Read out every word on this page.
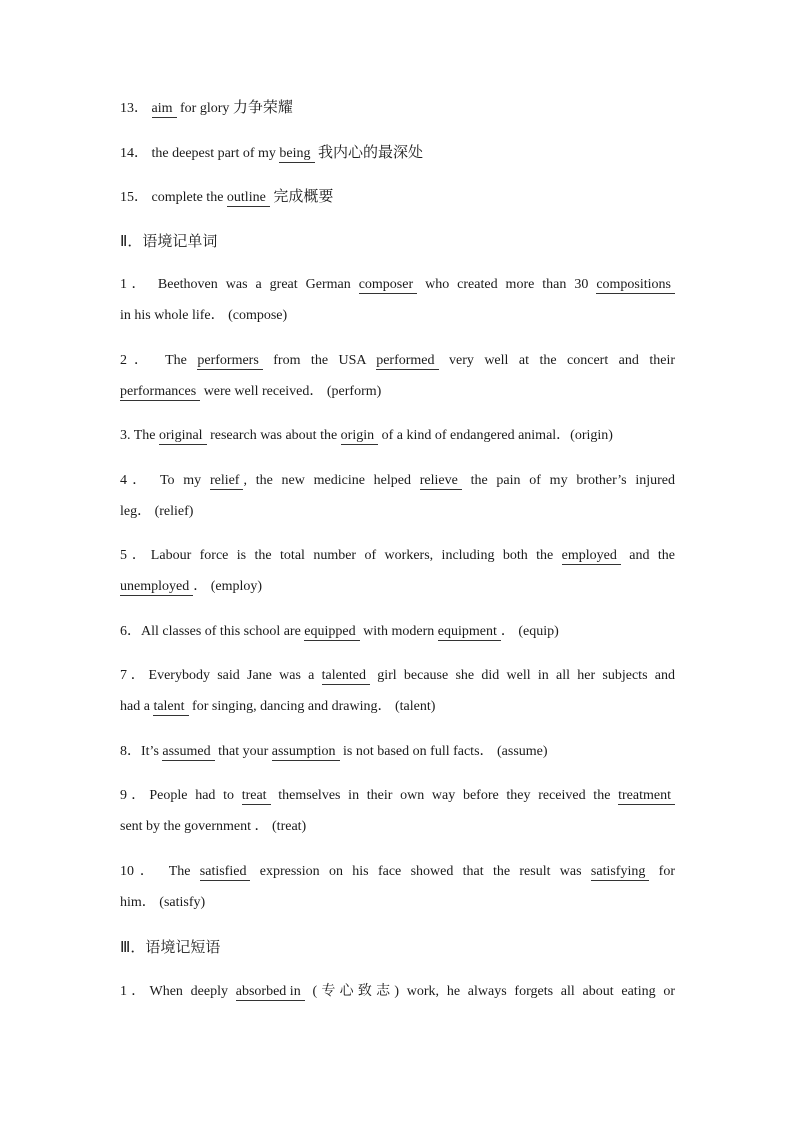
13． aim for glory 力争荣耀
14． the deepest part of my being 我内心的最深处
15． complete the outline 完成概要
Ⅱ．语境记单词
1． Beethoven was a great German composer who created more than 30 compositions
in his whole life． (compose)
2． The performers from the USA performed very well at the concert and their
performances were well received． (perform)
3. The original research was about the origin of a kind of endangered animal．(origin)
4． To my relief , the new medicine helped relieve the pain of my brother’s injured
leg． (relief)
5．Labour force is the total number of workers, including both the employed and the
unemployed ． (employ)
6．All classes of this school are equipped with modern equipment ． (equip)
7．Everybody said Jane was a talented girl because she did well in all her subjects and
had a talent for singing, dancing and drawing． (talent)
8．It’s assumed that your assumption is not based on full facts． (assume)
9．People had to treat themselves in their own way before they received the treatment
sent by the government ． (treat)
10． The satisfied expression on his face showed that the result was satisfying for
him． (satisfy)
Ⅲ．语境记短语
1．When deeply absorbed in (专心致志) work, he always forgets all about eating or
